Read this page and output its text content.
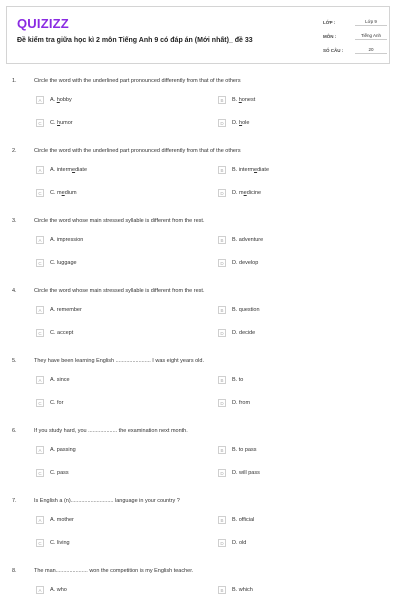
QUIZIZZ
Đề kiểm tra giữa học kì 2 môn Tiếng Anh 9 có đáp án (Mới nhất)_ đề 33
LỚP :	Lớp 9
MÔN :	Tiếng Anh
SỐ CÂU :	20
1.	Circle the word with the underlined part pronounced differently from that of the others
A	A. hobby	B	B. honest
C	C. humor	D	D. hole
2.	Circle the word with the underlined part pronounced differently from that of the others
A	A. intermediate	B	B. intermediate
C	C. medium	D	D. medicine
3.	Circle the word whose main stressed syllable is different from the rest.
A	A. impression	B	B. adventure
C	C. luggage	D	D. develop
4.	Circle the word whose main stressed syllable is different from the rest.
A	A. remember	B	B. question
C	C. accept	D	D. decide
5.	They have been learning English ....................... I was eight years old.
A	A. since	B	B. to
C	C. for	D	D. from
6.	If you study hard, you ................... the examination next month.
A	A. passing	B	B. to pass
C	C. pass	D	D. will pass
7.	Is English a (n)............................ language in your country ?
A	A. mother	B	B. official
C	C. living	D	D. old
8.	The man..................... won the competition is my English teacher.
A	A. who	B	B. which
